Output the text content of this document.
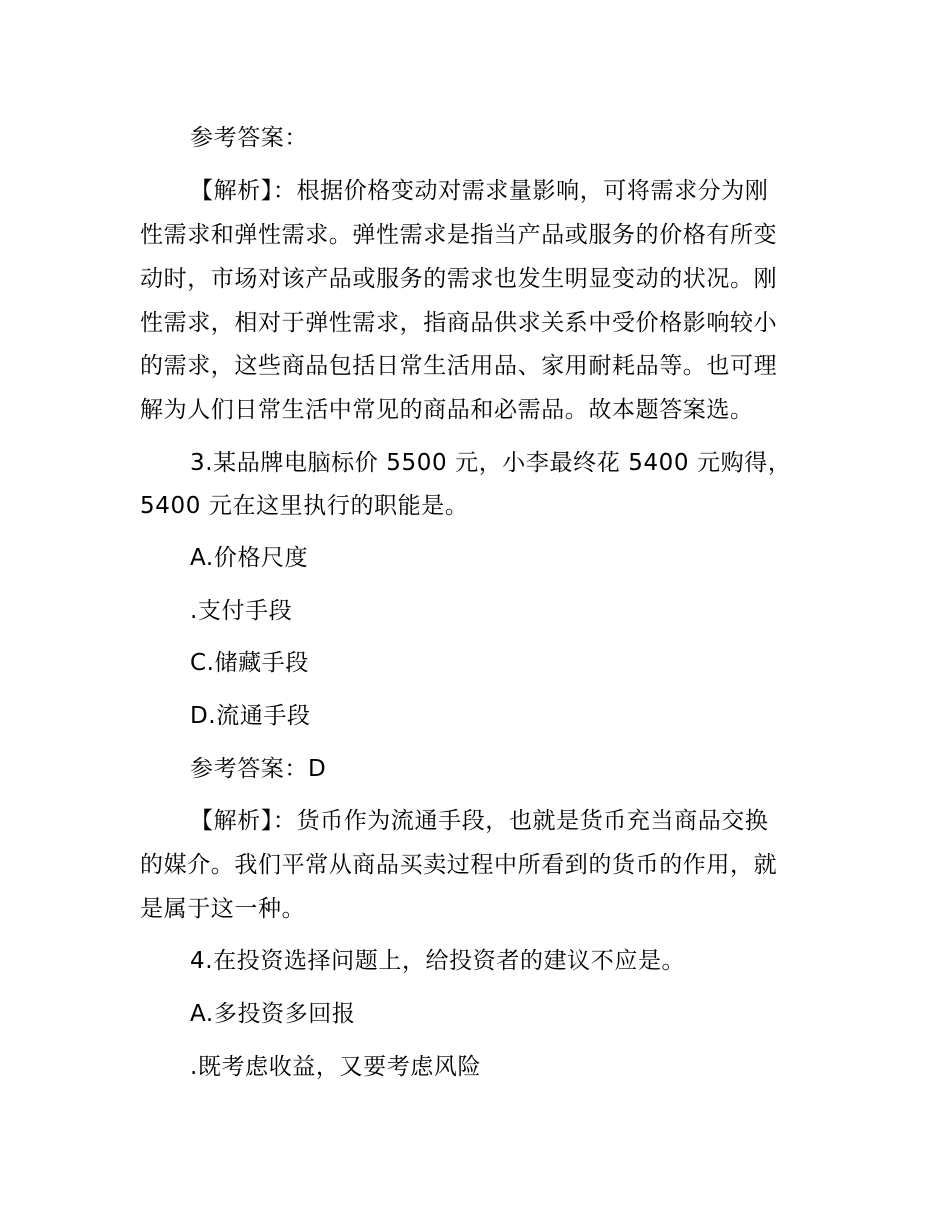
参考答案：
【解析】：根据价格变动对需求量影响，可将需求分为刚
性需求和弹性需求。弹性需求是指当产品或服务的价格有所变
动时，市场对该产品或服务的需求也发生明显变动的状况。刚
性需求，相对于弹性需求，指商品供求关系中受价格影响较小
的需求，这些商品包括日常生活用品、家用耐耗品等。也可理
解为人们日常生活中常见的商品和必需品。故本题答案选。
3.某品牌电脑标价 5500 元，小李最终花 5400 元购得，
5400 元在这里执行的职能是。
A.价格尺度
.支付手段
C.储藏手段
D.流通手段
参考答案：D
【解析】：货币作为流通手段，也就是货币充当商品交换
的媒介。我们平常从商品买卖过程中所看到的货币的作用，就
是属于这一种。
4.在投资选择问题上，给投资者的建议不应是。
A.多投资多回报
.既考虑收益，又要考虑风险
